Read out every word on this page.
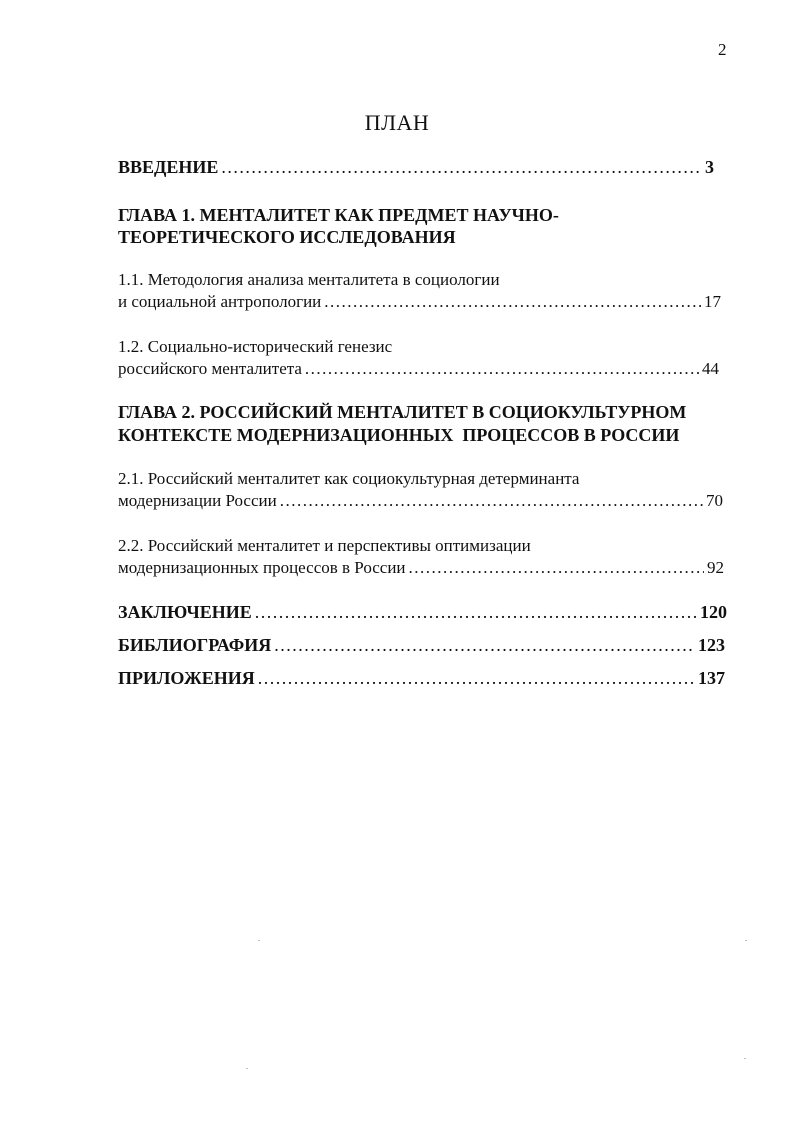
2
ПЛАН
ВВЕДЕНИЕ .....	3
ГЛАВА 1. МЕНТАЛИТЕТ КАК ПРЕДМЕТ НАУЧНО-
ТЕОРЕТИЧЕСКОГО ИССЛЕДОВАНИЯ
1.1. Методология анализа менталитета в социологии
и социальной антропологии .....	17
1.2. Социально-исторический генезис
российского менталитета .....	44
ГЛАВА 2. РОССИЙСКИЙ МЕНТАЛИТЕТ В СОЦИОКУЛЬТУРНОМ
КОНТЕКСТЕ МОДЕРНИЗАЦИОННЫХ  ПРОЦЕССОВ В РОССИИ
2.1. Российский менталитет как социокультурная детерминанта
модернизации России .....	70
2.2. Российский менталитет и перспективы оптимизации
модернизационных процессов в России .....	92
ЗАКЛЮЧЕНИЕ .....	120
БИБЛИОГРАФИЯ .....	123
ПРИЛОЖЕНИЯ .....	137
